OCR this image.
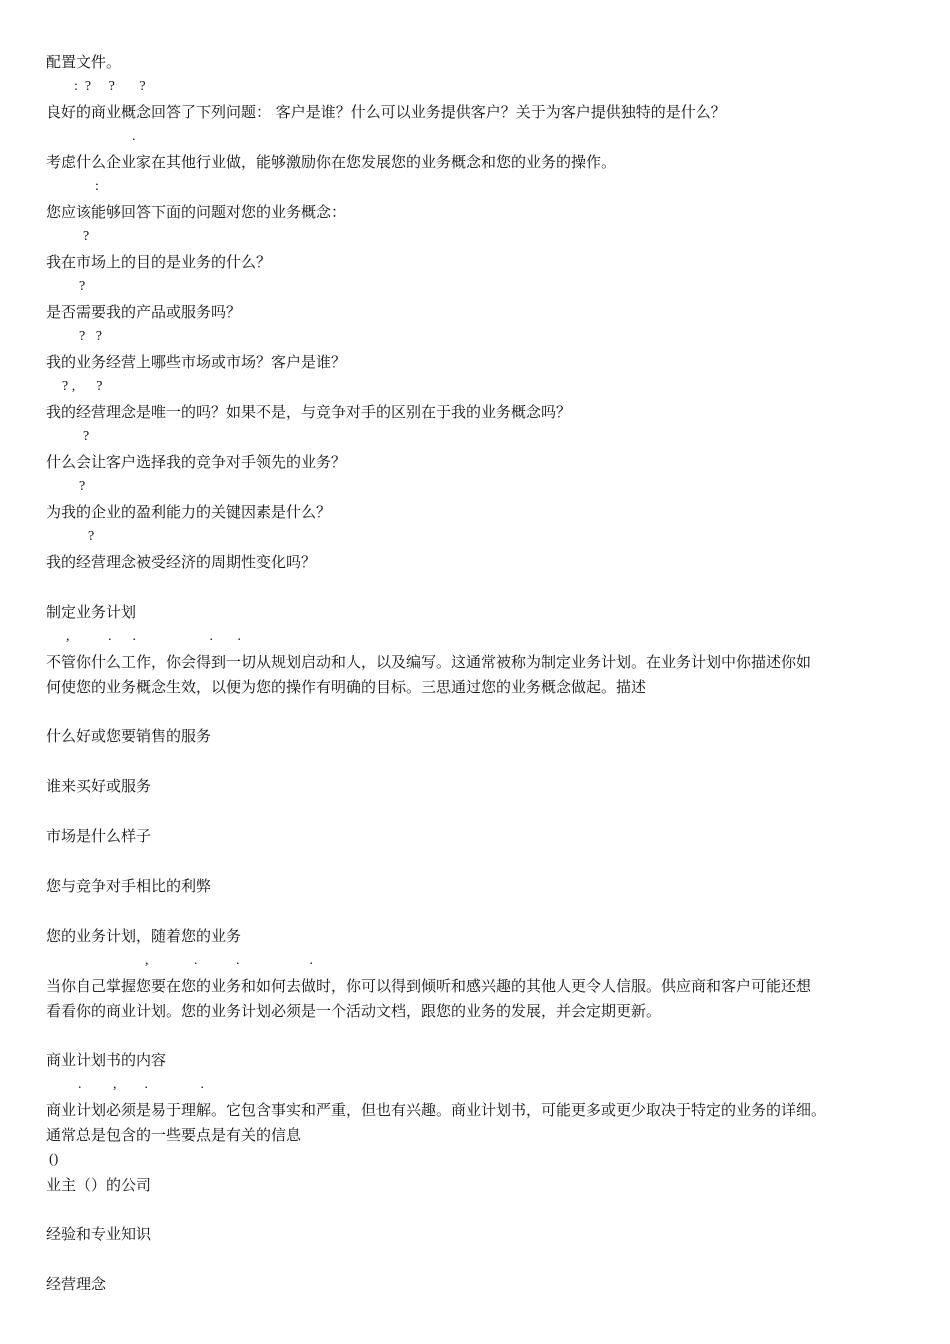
配置文件。
:  ?     ?       ?
良好的商业概念回答了下列问题： 客户是谁？什么可以业务提供客户？关于为客户提供独特的是什么？
.
考虑什么企业家在其他行业做，能够激励你在您发展您的业务概念和您的业务的操作。
:
您应该能够回答下面的问题对您的业务概念：
?
我在市场上的目的是业务的什么？
?
是否需要我的产品或服务吗？
?   ?
我的业务经营上哪些市场或市场？客户是谁？
? ,      ?
我的经营理念是唯一的吗？如果不是，与竞争对手的区别在于我的业务概念吗？
?
什么会让客户选择我的竞争对手领先的业务？
?
为我的企业的盈利能力的关键因素是什么？
?
我的经营理念被受经济的周期性变化吗？
制定业务计划
,           .      .                     .       .
不管你什么工作，你会得到一切从规划启动和人，以及编写。这通常被称为制定业务计划。在业务计划中你描述你如
何使您的业务概念生效，以便为您的操作有明确的目标。三思通过您的业务概念做起。描述
什么好或您要销售的服务
谁来买好或服务
市场是什么样子
您与竞争对手相比的利弊
您的业务计划，随着您的业务
,             .           .                    .
当你自己掌握您要在您的业务和如何去做时，你可以得到倾听和感兴趣的其他人更令人信服。供应商和客户可能还想
看看你的商业计划。您的业务计划必须是一个活动文档，跟您的业务的发展，并会定期更新。
商业计划书的内容
.         ,        .               .
商业计划必须是易于理解。它包含事实和严重，但也有兴趣。商业计划书，可能更多或更少取决于特定的业务的详细。
通常总是包含的一些要点是有关的信息
()
业主（）的公司
经验和专业知识
经营理念
